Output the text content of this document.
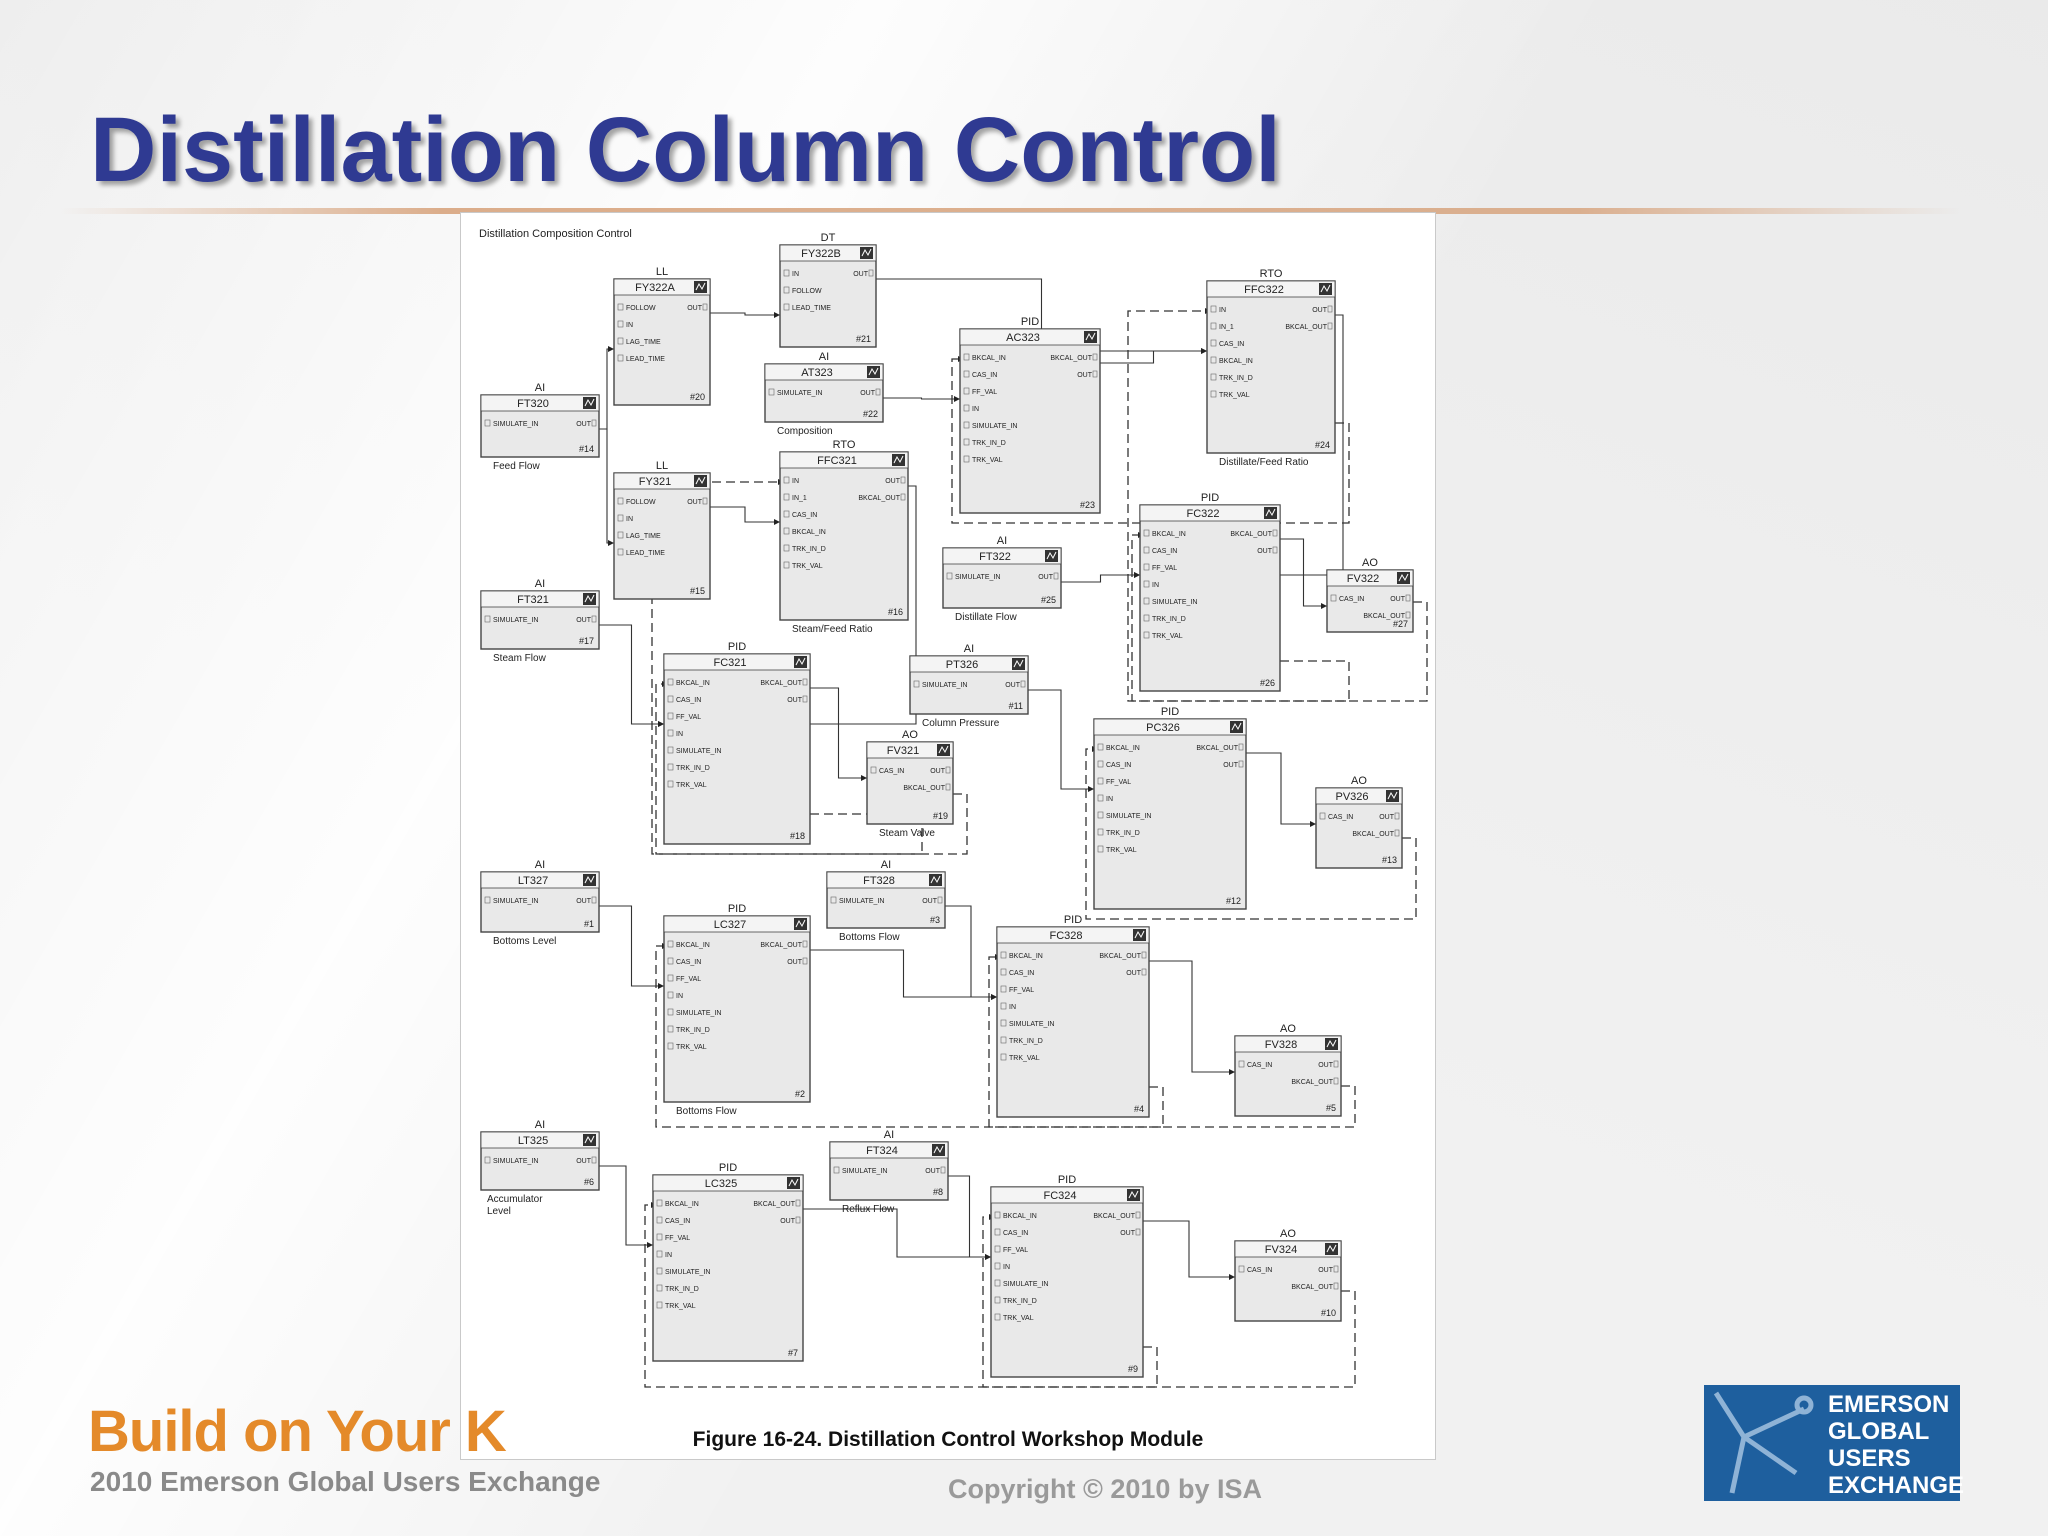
Distillation Column Control
Distillation Composition Control
AI
FT320
SIMULATE_IN	OUT
#14
Feed Flow
LL
FY322A
FOLLOW
IN
LAG_TIME
LEAD_TIME
OUT
#20
DT
FY322B
IN
FOLLOW
LEAD_TIME
OUT
#21
AI
AT323
SIMULATE_IN	OUT
#22
Composition
PID
AC323
BKCAL_IN
CAS_IN
FF_VAL
IN
SIMULATE_IN
TRK_IN_D
TRK_VAL
BKCAL_OUT
OUT
#23
RTO
FFC322
IN
IN_1
CAS_IN
BKCAL_IN
TRK_IN_D
TRK_VAL
OUT
BKCAL_OUT
#24
Distillate/Feed Ratio
LL
FY321
FOLLOW
IN
LAG_TIME
LEAD_TIME
OUT
#15
RTO
FFC321
IN
IN_1
CAS_IN
BKCAL_IN
TRK_IN_D
TRK_VAL
OUT
BKCAL_OUT
#16
Steam/Feed Ratio
AI
FT322
SIMULATE_IN	OUT
#25
Distillate Flow
PID
FC322
BKCAL_IN
CAS_IN
FF_VAL
IN
SIMULATE_IN
TRK_IN_D
TRK_VAL
BKCAL_OUT
OUT
#26
AO
FV322
CAS_IN	OUT
BKCAL_OUT
#27
AI
FT321
SIMULATE_IN	OUT
#17
Steam Flow
PID
FC321
BKCAL_IN
CAS_IN
FF_VAL
IN
SIMULATE_IN
TRK_IN_D
TRK_VAL
BKCAL_OUT
OUT
#18
AI
PT326
SIMULATE_IN	OUT
#11
Column Pressure
AO
FV321
CAS_IN	OUT
BKCAL_OUT
#19
Steam Valve
PID
PC326
BKCAL_IN
CAS_IN
FF_VAL
IN
SIMULATE_IN
TRK_IN_D
TRK_VAL
BKCAL_OUT
OUT
#12
AO
PV326
CAS_IN	OUT
BKCAL_OUT
#13
AI
LT327
SIMULATE_IN	OUT
#1
Bottoms Level
AI
FT328
SIMULATE_IN	OUT
#3
Bottoms Flow
PID
LC327
BKCAL_IN
CAS_IN
FF_VAL
IN
SIMULATE_IN
TRK_IN_D
TRK_VAL
BKCAL_OUT
OUT
#2
Bottoms Flow
PID
FC328
BKCAL_IN
CAS_IN
FF_VAL
IN
SIMULATE_IN
TRK_IN_D
TRK_VAL
BKCAL_OUT
OUT
#4
AO
FV328
CAS_IN	OUT
BKCAL_OUT
#5
AI
LT325
SIMULATE_IN	OUT
#6
Accumulator
Level
AI
FT324
SIMULATE_IN	OUT
#8
Reflux Flow
PID
LC325
BKCAL_IN
CAS_IN
FF_VAL
IN
SIMULATE_IN
TRK_IN_D
TRK_VAL
BKCAL_OUT
OUT
#7
PID
FC324
BKCAL_IN
CAS_IN
FF_VAL
IN
SIMULATE_IN
TRK_IN_D
TRK_VAL
BKCAL_OUT
OUT
#9
AO
FV324
CAS_IN	OUT
BKCAL_OUT
#10
Figure 16-24. Distillation Control Workshop Module
Build on Your K
2010 Emerson Global Users Exchange	Copyright © 2010 by ISA
EMERSON
GLOBAL
USERS
EXCHANGE
